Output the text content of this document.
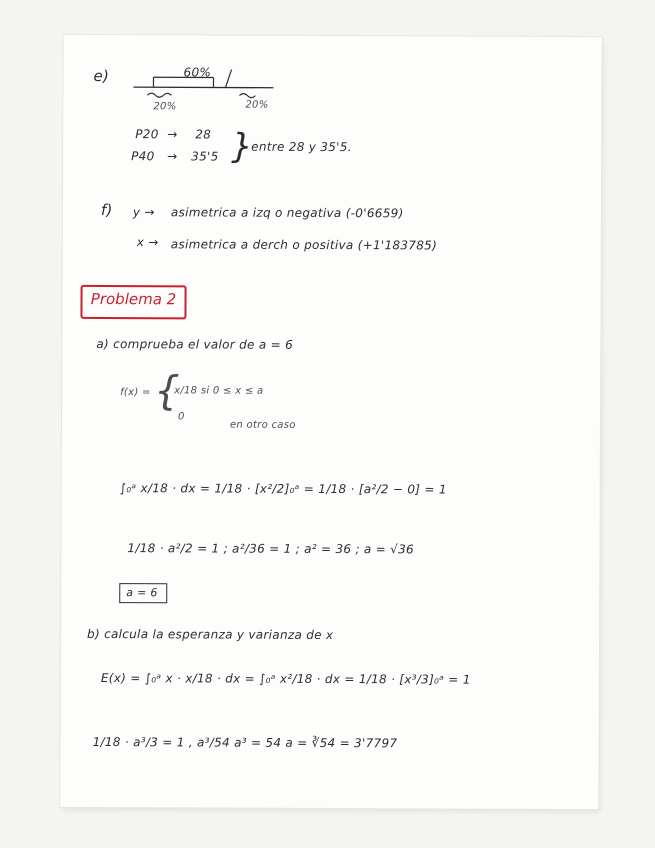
e)	60%
20%	20%
P20 → 28
P40 → 35'5 }
entre 28 y 35'5.
f) y → asimetrica a izq o negativa (-0'6659)
x → asimetrica a derch o positiva (+1'183785)
Problema 2
a) comprueba el valor de a = 6
f(x) = {
x/18 si 0 ≤ x ≤ a
0
en otro caso
∫₀ᵃ x/18 · dx = 1/18 · [x²/2]₀ᵃ = 1/18 · [a²/2 − 0] = 1
1/18 · a²/2 = 1 ; a²/36 = 1 ; a² = 36 ; a = √36
a = 6
b) calcula la esperanza y varianza de x
E(x) = ∫₀ᵃ x · x/18 · dx = ∫₀ᵃ x²/18 · dx = 1/18 · [x³/3]₀ᵃ = 1
1/18 · a³/3 = 1 , a³/54 a³ = 54 a = ∛54 = 3'7797
